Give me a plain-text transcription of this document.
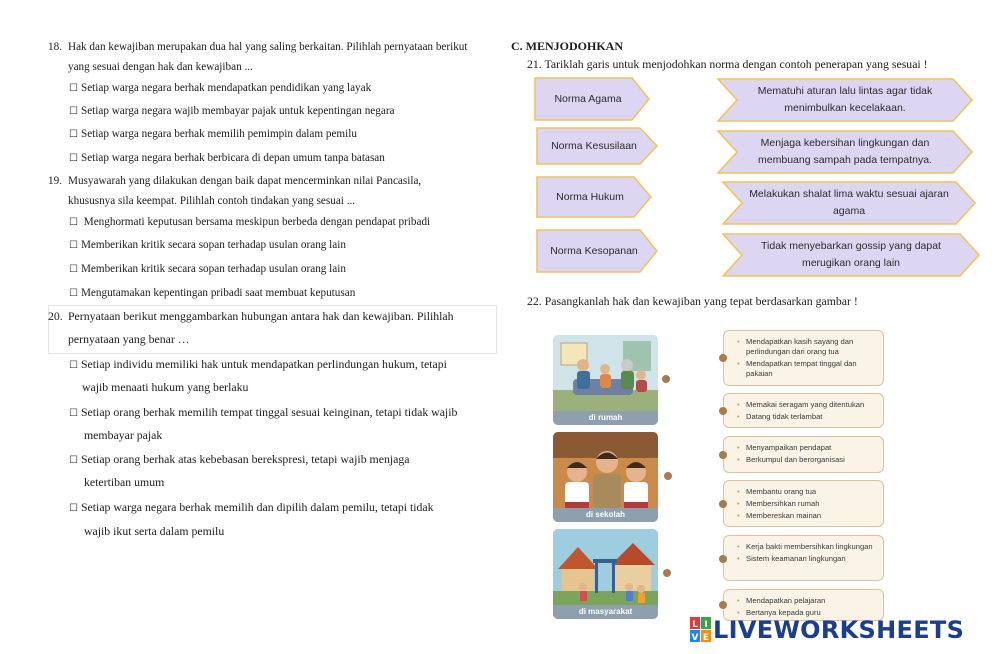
18. Hak dan kewajiban merupakan dua hal yang saling berkaitan. Pilihlah pernyataan berikut
yang sesuai dengan hak dan kewajiban ...
☐ Setiap warga negara berhak mendapatkan pendidikan yang layak
☐ Setiap warga negara wajib membayar pajak untuk kepentingan negara
☐ Setiap warga negara berhak memilih pemimpin dalam pemilu
☐ Setiap warga negara berhak berbicara di depan umum tanpa batasan
19. Musyawarah yang dilakukan dengan baik dapat mencerminkan nilai Pancasila,
khususnya sila keempat. Pilihlah contoh tindakan yang sesuai ...
☐ Menghormati keputusan bersama meskipun berbeda dengan pendapat pribadi
☐ Memberikan kritik secara sopan terhadap usulan orang lain
☐ Memberikan kritik secara sopan terhadap usulan orang lain
☐ Mengutamakan kepentingan pribadi saat membuat keputusan
20. Pernyataan berikut menggambarkan hubungan antara hak dan kewajiban. Pilihlah
pernyataan yang benar …
☐ Setiap individu memiliki hak untuk mendapatkan perlindungan hukum, tetapi
wajib menaati hukum yang berlaku
☐ Setiap orang berhak memilih tempat tinggal sesuai keinginan, tetapi tidak wajib
membayar pajak
☐ Setiap orang berhak atas kebebasan berekspresi, tetapi wajib menjaga
ketertiban umum
☐ Setiap warga negara berhak memilih dan dipilih dalam pemilu, tetapi tidak
wajib ikut serta dalam pemilu
C. MENJODOHKAN
21. Tariklah garis untuk menjodohkan norma dengan contoh penerapan yang sesuai !
Norma Agama
Norma Kesusilaan
Norma Hukum
Norma Kesopanan
Mematuhi aturan lalu lintas agar tidak menimbulkan kecelakaan.
Menjaga kebersihan lingkungan dan membuang sampah pada tempatnya.
Melakukan shalat lima waktu sesuai ajaran agama
Tidak menyebarkan gossip yang dapat merugikan orang lain
22. Pasangkanlah hak dan kewajiban yang tepat berdasarkan gambar !
di rumah
di sekolah
di masyarakat
• Mendapatkan kasih sayang dan perlindungan dari orang tua
• Mendapatkan tempat tinggal dan pakaian
• Memakai seragam yang ditentukan
• Datang tidak terlambat
• Menyampaikan pendapat
• Berkumpul dan berorganisasi
• Membantu orang tua
• Membersihkan rumah
• Membereskan mainan
• Kerja bakti membersihkan lingkungan
• Sistem keamanan lingkungan
• Mendapatkan pelajaran
• Bertanya kepada guru
L I
V E LIVEWORKSHEETS
